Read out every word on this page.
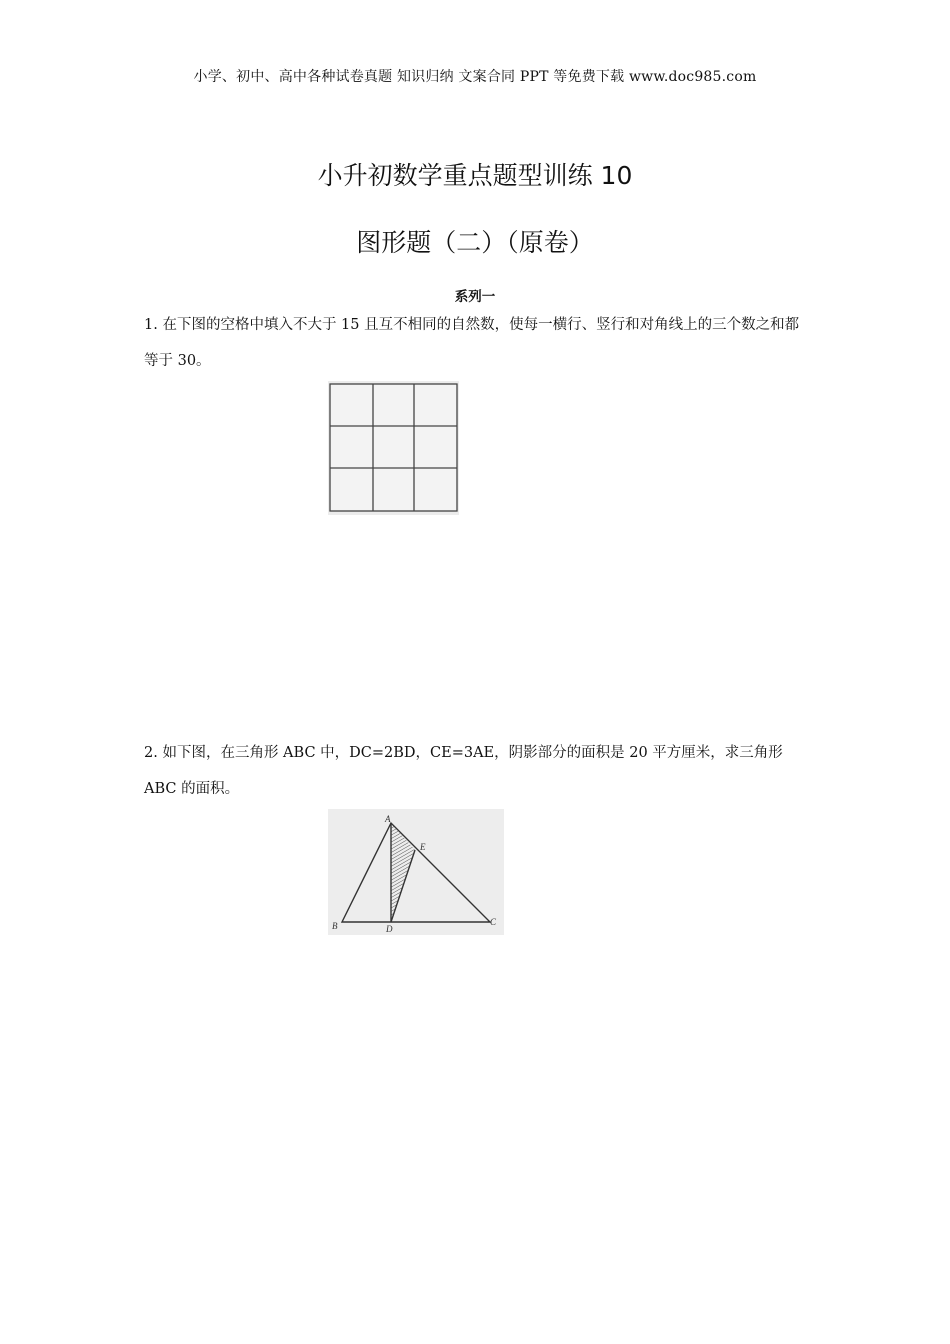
小学、初中、高中各种试卷真题 知识归纳 文案合同 PPT 等免费下载 www.doc985.com
小升初数学重点题型训练 10
图形题（二）（原卷）
系列一
1. 在下图的空格中填入不大于 15 且互不相同的自然数，使每一横行、竖行和对角线上的三个数之和都等于 30。
2. 如下图，在三角形 ABC 中，DC=2BD，CE=3AE，阴影部分的面积是 20 平方厘米，求三角形 ABC 的面积。
A
E
B	D
C
